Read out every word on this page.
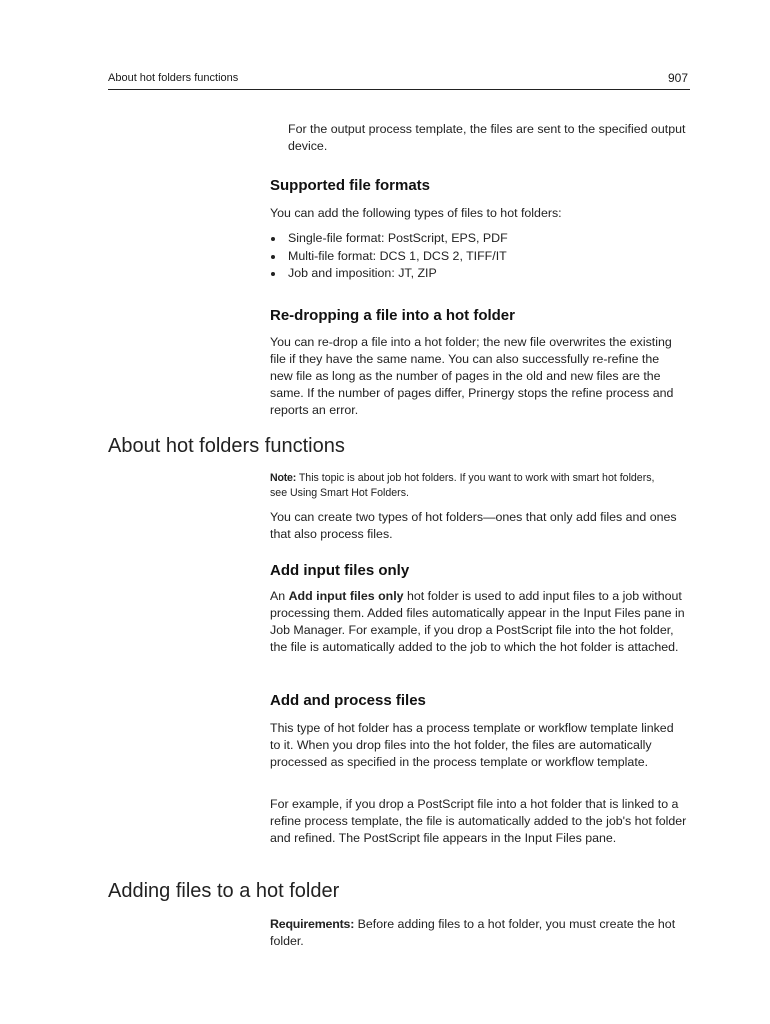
About hot folders functions	907

For the output process template, the files are sent to the specified output device.

Supported file formats

You can add the following types of files to hot folders:

Single-file format: PostScript, EPS, PDF
Multi-file format: DCS 1, DCS 2, TIFF/IT
Job and imposition: JT, ZIP
Re-dropping a file into a hot folder

You can re-drop a file into a hot folder; the new file overwrites the existing file if they have the same name. You can also successfully re-refine the new file as long as the number of pages in the old and new files are the same. If the number of pages differ, Prinergy stops the refine process and reports an error.

About hot folders functions

Note: This topic is about job hot folders. If you want to work with smart hot folders, see Using Smart Hot Folders.

You can create two types of hot folders—ones that only add files and ones that also process files.

Add input files only

An Add input files only hot folder is used to add input files to a job without processing them. Added files automatically appear in the Input Files pane in Job Manager. For example, if you drop a PostScript file into the hot folder, the file is automatically added to the job to which the hot folder is attached.

Add and process files

This type of hot folder has a process template or workflow template linked to it. When you drop files into the hot folder, the files are automatically processed as specified in the process template or workflow template.

For example, if you drop a PostScript file into a hot folder that is linked to a refine process template, the file is automatically added to the job's hot folder and refined. The PostScript file appears in the Input Files pane.

Adding files to a hot folder

Requirements: Before adding files to a hot folder, you must create the hot folder.
